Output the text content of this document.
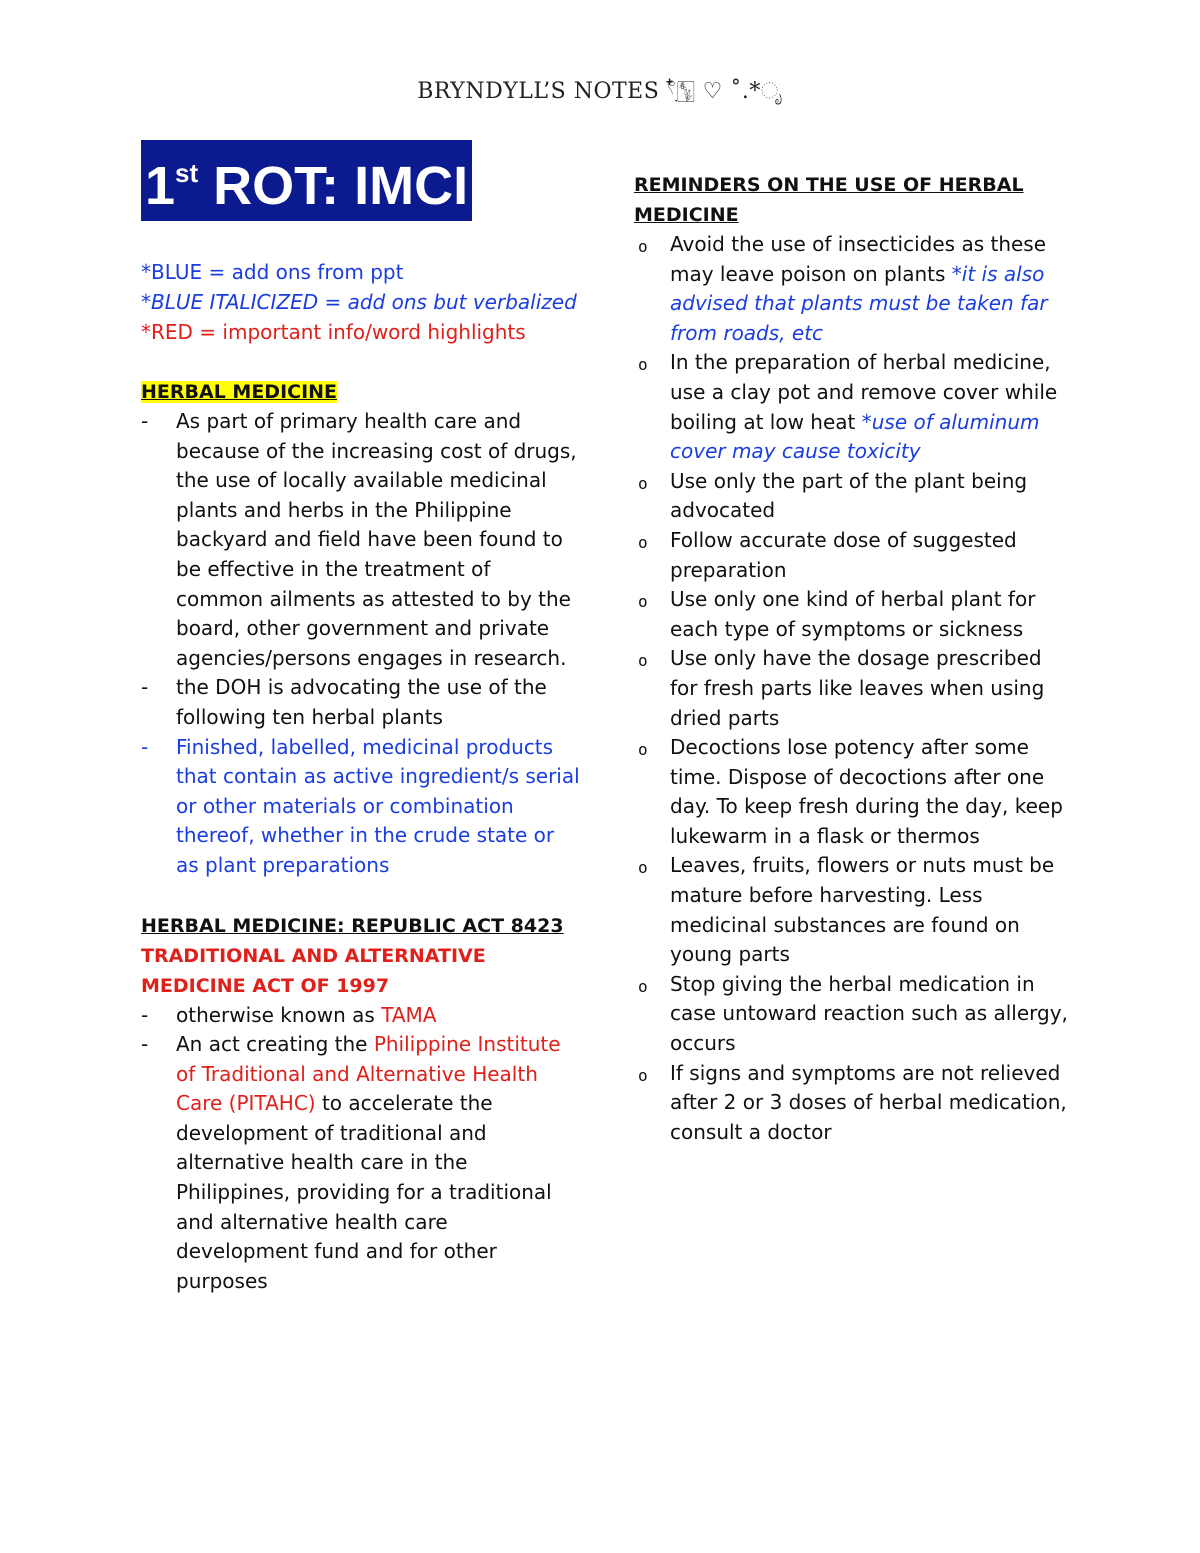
BRYNDYLL’S NOTES 𓍢ִ໋🀦 ♡ ˚.*ೃ
1st ROT: IMCI
*BLUE = add ons from ppt
*BLUE ITALICIZED = add ons but verbalized
*RED = important info/word highlights
HERBAL MEDICINE
- As part of primary health care and because of the increasing cost of drugs, the use of locally available medicinal plants and herbs in the Philippine backyard and field have been found to be effective in the treatment of common ailments as attested to by the board, other government and private agencies/persons engages in research.
- the DOH is advocating the use of the following ten herbal plants
- Finished, labelled, medicinal products that contain as active ingredient/s serial or other materials or combination thereof, whether in the crude state or as plant preparations
HERBAL MEDICINE: REPUBLIC ACT 8423
TRADITIONAL AND ALTERNATIVE MEDICINE ACT OF 1997
- otherwise known as TAMA
- An act creating the Philippine Institute of Traditional and Alternative Health Care (PITAHC) to accelerate the development of traditional and alternative health care in the Philippines, providing for a traditional and alternative health care development fund and for other purposes
REMINDERS ON THE USE OF HERBAL MEDICINE
o Avoid the use of insecticides as these may leave poison on plants *it is also advised that plants must be taken far from roads, etc
o In the preparation of herbal medicine, use a clay pot and remove cover while boiling at low heat *use of aluminum cover may cause toxicity
o Use only the part of the plant being advocated
o Follow accurate dose of suggested preparation
o Use only one kind of herbal plant for each type of symptoms or sickness
o Use only have the dosage prescribed for fresh parts like leaves when using dried parts
o Decoctions lose potency after some time. Dispose of decoctions after one day. To keep fresh during the day, keep lukewarm in a flask or thermos
o Leaves, fruits, flowers or nuts must be mature before harvesting. Less medicinal substances are found on young parts
o Stop giving the herbal medication in case untoward reaction such as allergy, occurs
o If signs and symptoms are not relieved after 2 or 3 doses of herbal medication, consult a doctor
